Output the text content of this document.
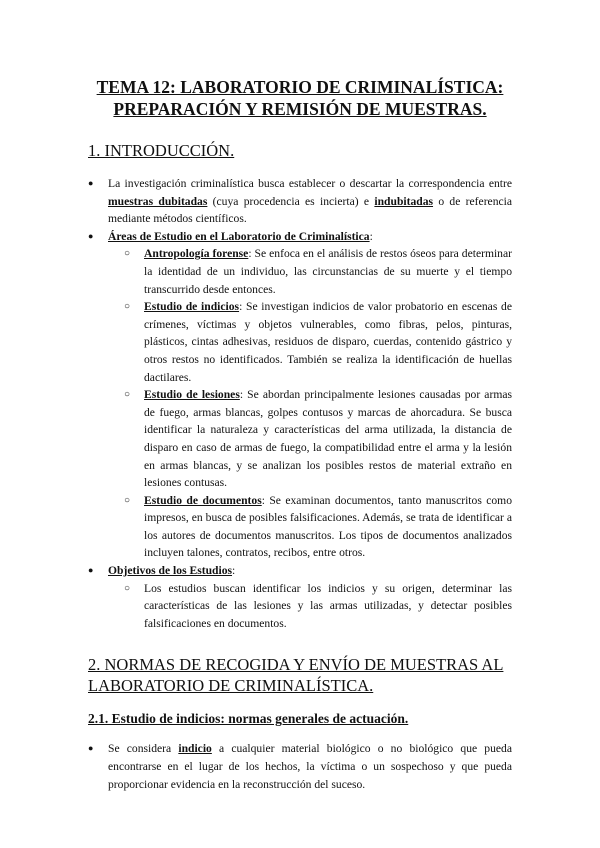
TEMA 12: LABORATORIO DE CRIMINALÍSTICA:
PREPARACIÓN Y REMISIÓN DE MUESTRAS.
1. INTRODUCCIÓN.
● La investigación criminalística busca establecer o descartar la correspondencia entre muestras dubitadas (cuya procedencia es incierta) e indubitadas o de referencia mediante métodos científicos.
● Áreas de Estudio en el Laboratorio de Criminalística:
○ Antropología forense: Se enfoca en el análisis de restos óseos para determinar la identidad de un individuo, las circunstancias de su muerte y el tiempo transcurrido desde entonces.
○ Estudio de indicios: Se investigan indicios de valor probatorio en escenas de crímenes, víctimas y objetos vulnerables, como fibras, pelos, pinturas, plásticos, cintas adhesivas, residuos de disparo, cuerdas, contenido gástrico y otros restos no identificados. También se realiza la identificación de huellas dactilares.
○ Estudio de lesiones: Se abordan principalmente lesiones causadas por armas de fuego, armas blancas, golpes contusos y marcas de ahorcadura. Se busca identificar la naturaleza y características del arma utilizada, la distancia de disparo en caso de armas de fuego, la compatibilidad entre el arma y la lesión en armas blancas, y se analizan los posibles restos de material extraño en lesiones contusas.
○ Estudio de documentos: Se examinan documentos, tanto manuscritos como impresos, en busca de posibles falsificaciones. Además, se trata de identificar a los autores de documentos manuscritos. Los tipos de documentos analizados incluyen talones, contratos, recibos, entre otros.
● Objetivos de los Estudios:
○ Los estudios buscan identificar los indicios y su origen, determinar las características de las lesiones y las armas utilizadas, y detectar posibles falsificaciones en documentos.
2. NORMAS DE RECOGIDA Y ENVÍO DE MUESTRAS AL LABORATORIO DE CRIMINALÍSTICA.
2.1. Estudio de indicios: normas generales de actuación.
● Se considera indicio a cualquier material biológico o no biológico que pueda encontrarse en el lugar de los hechos, la víctima o un sospechoso y que pueda proporcionar evidencia en la reconstrucción del suceso.
